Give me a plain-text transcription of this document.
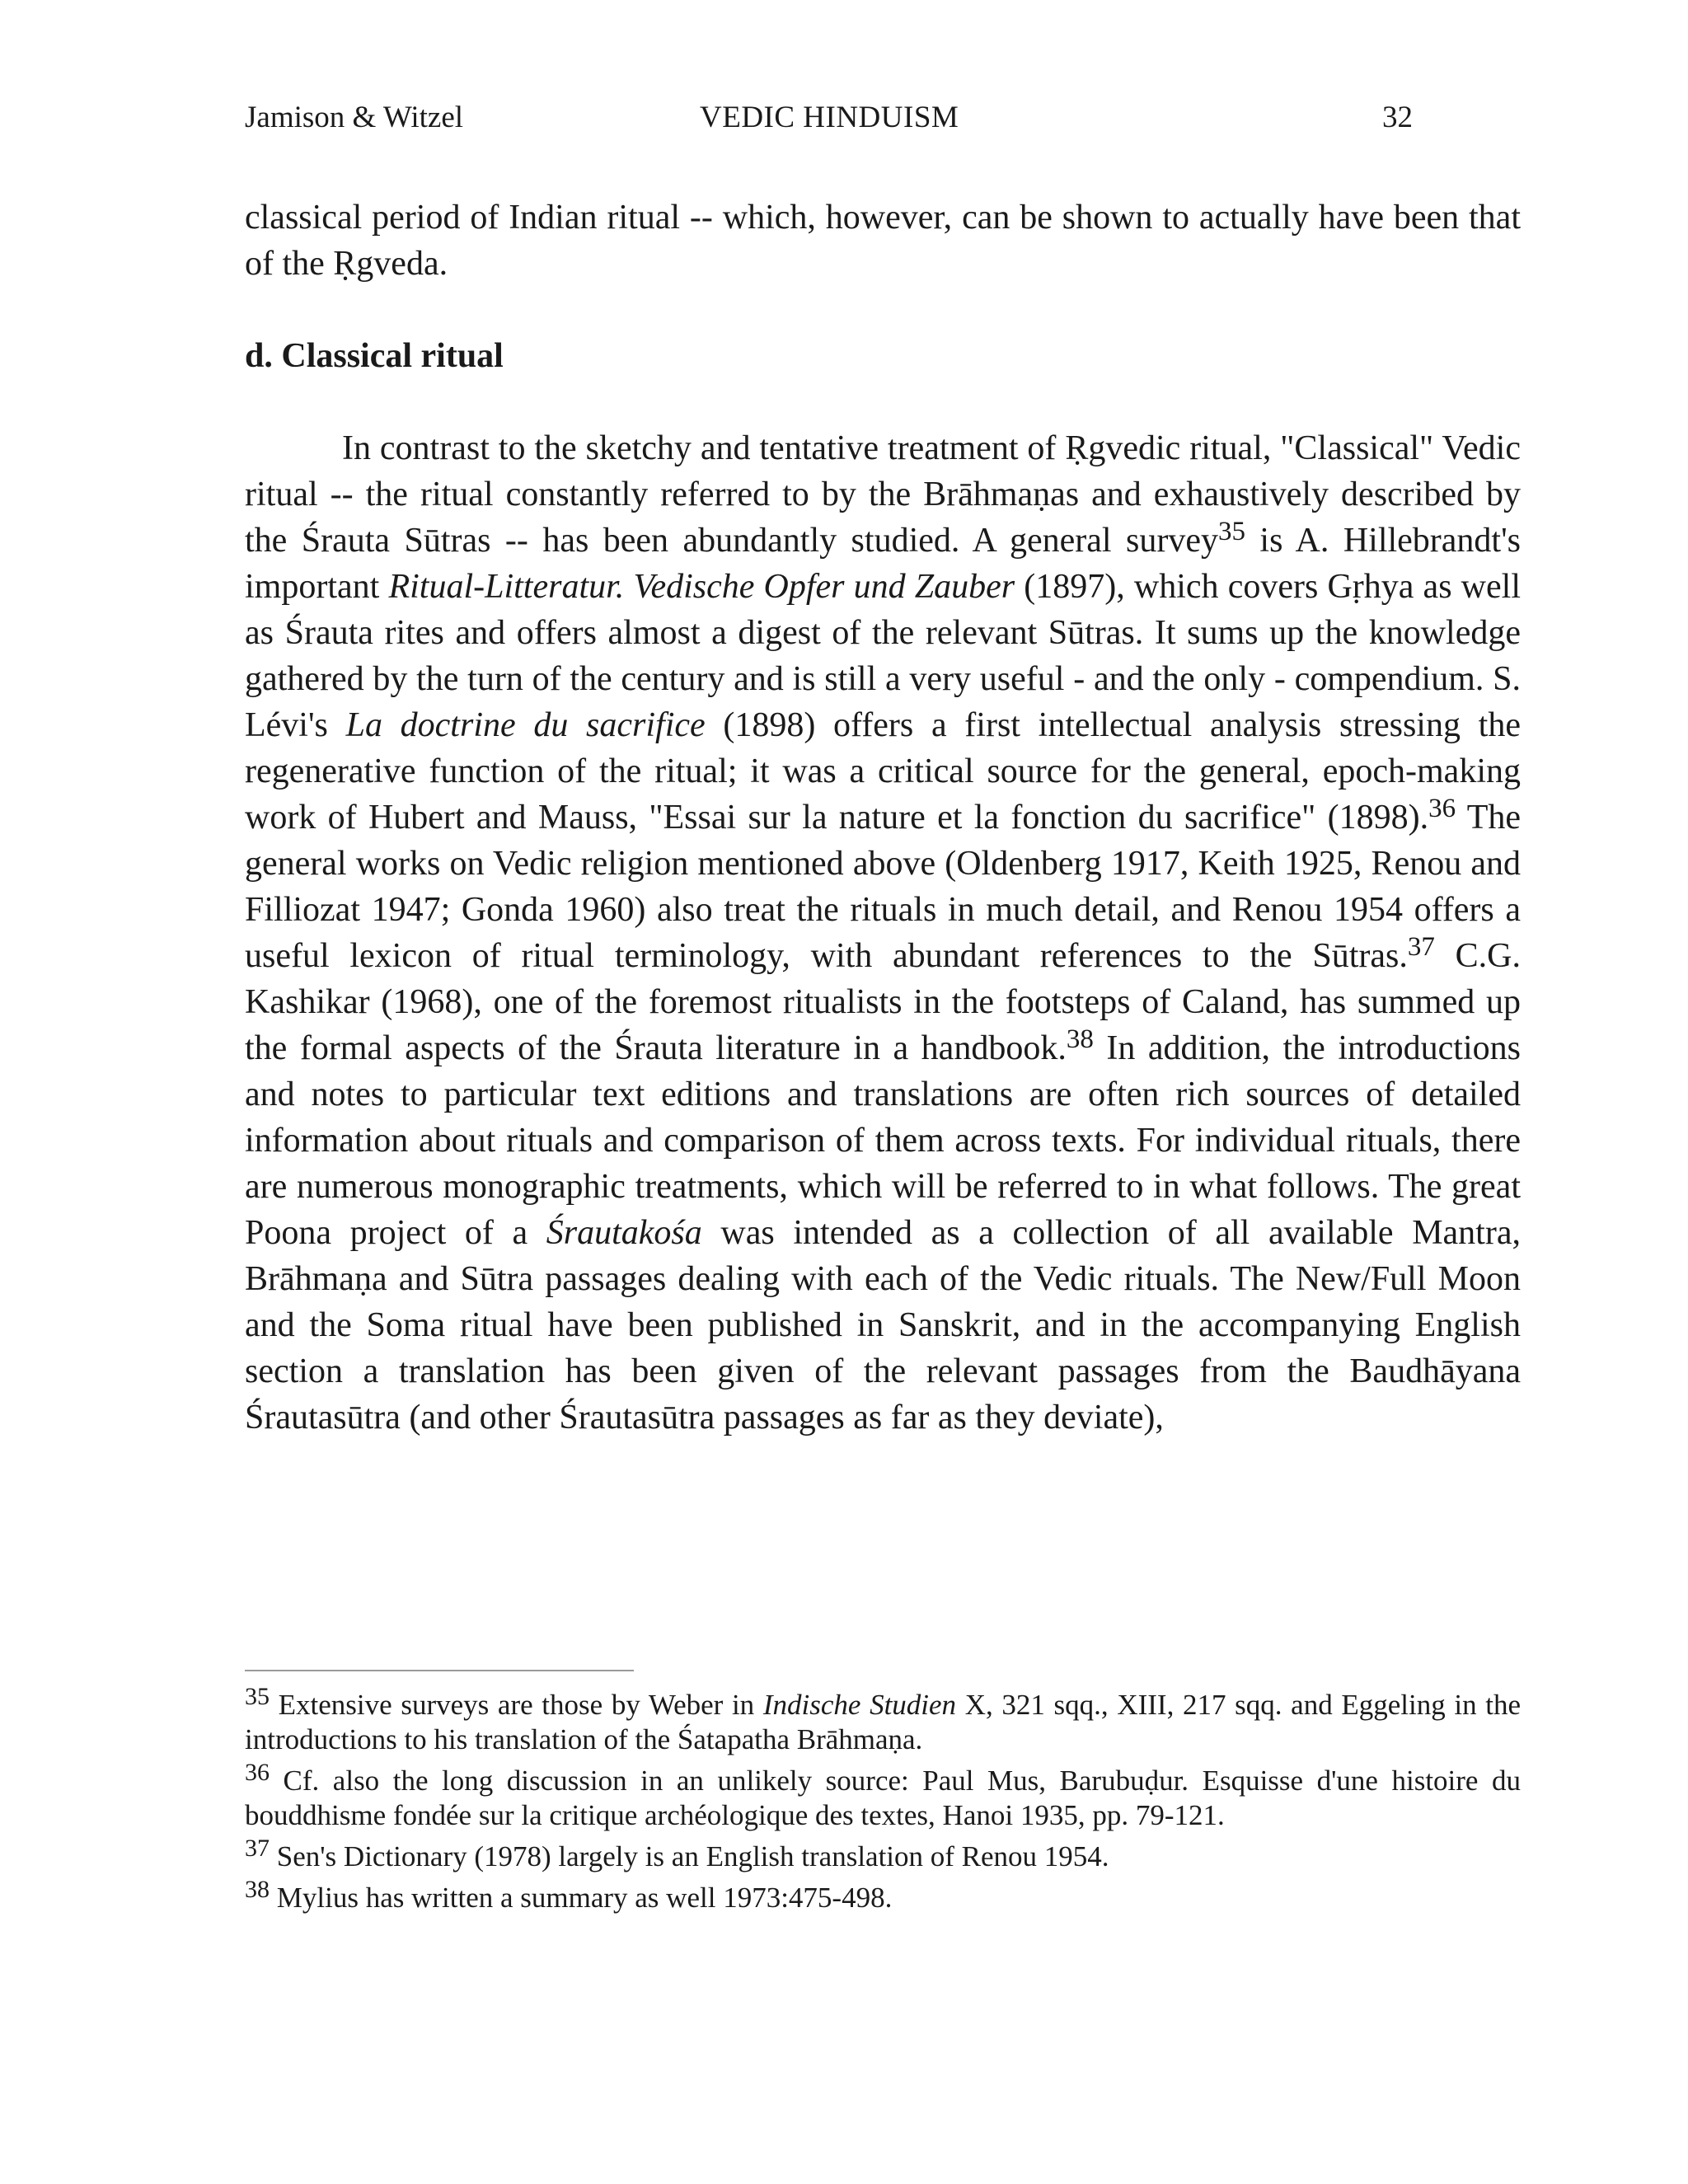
Jamison & Witzel	VEDIC HINDUISM	32

classical period of Indian ritual -- which, however, can be shown to actually have been that of the Ṛgveda.

d. Classical ritual

In contrast to the sketchy and tentative treatment of Ṛgvedic ritual, "Classical" Vedic ritual -- the ritual constantly referred to by the Brāhmaṇas and exhaustively described by the Śrauta Sūtras -- has been abundantly studied. A general survey$^{35}$ is A. Hillebrandt's important Ritual-Litteratur. Vedische Opfer und Zauber (1897), which covers Gṛhya as well as Śrauta rites and offers almost a digest of the relevant Sūtras. It sums up the knowledge gathered by the turn of the century and is still a very useful - and the only - compendium. S. Lévi's La doctrine du sacrifice (1898) offers a first intellectual analysis stressing the regenerative function of the ritual; it was a critical source for the general, epoch-making work of Hubert and Mauss, "Essai sur la nature et la fonction du sacrifice" (1898).$^{36}$ The general works on Vedic religion mentioned above (Oldenberg 1917, Keith 1925, Renou and Filliozat 1947; Gonda 1960) also treat the rituals in much detail, and Renou 1954 offers a useful lexicon of ritual terminology, with abundant references to the Sūtras.$^{37}$ C.G. Kashikar (1968), one of the foremost ritualists in the footsteps of Caland, has summed up the formal aspects of the Śrauta literature in a handbook.$^{38}$ In addition, the introductions and notes to particular text editions and translations are often rich sources of detailed information about rituals and comparison of them across texts. For individual rituals, there are numerous monographic treatments, which will be referred to in what follows. The great Poona project of a Śrautakośa was intended as a collection of all available Mantra, Brāhmaṇa and Sūtra passages dealing with each of the Vedic rituals. The New/Full Moon and the Soma ritual have been published in Sanskrit, and in the accompanying English section a translation has been given of the relevant passages from the Baudhāyana Śrautasūtra (and other Śrautasūtra passages as far as they deviate),

$^{35}$ Extensive surveys are those by Weber in Indische Studien X, 321 sqq., XIII, 217 sqq. and Eggeling in the introductions to his translation of the Śatapatha Brāhmaṇa.

$^{36}$ Cf. also the long discussion in an unlikely source: Paul Mus, Barubuḍur. Esquisse d'une histoire du bouddhisme fondée sur la critique archéologique des textes, Hanoi 1935, pp. 79-121.

$^{37}$ Sen's Dictionary (1978) largely is an English translation of Renou 1954.

$^{38}$ Mylius has written a summary as well 1973:475-498.
